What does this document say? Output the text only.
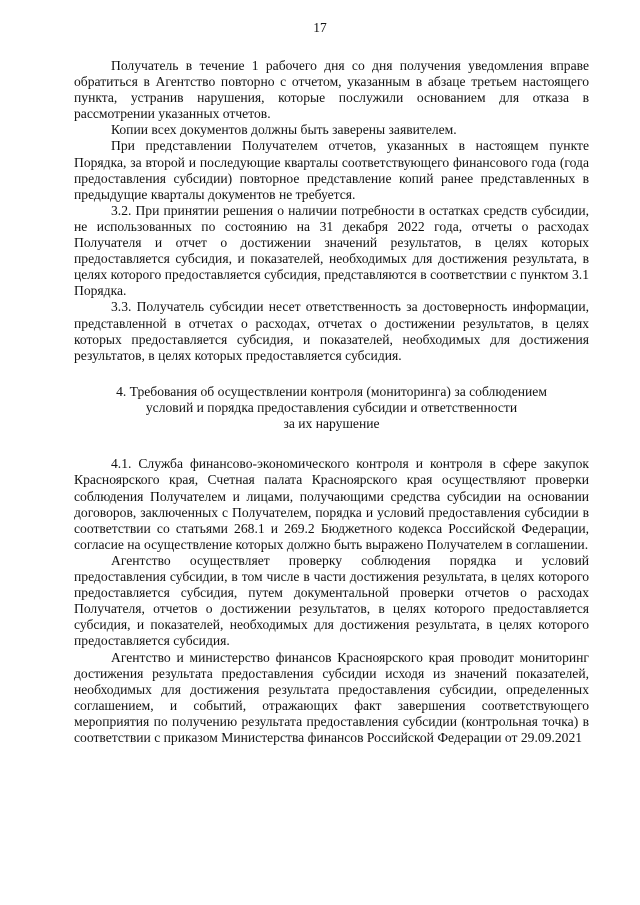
17

Получатель в течение 1 рабочего дня со дня получения уведомления вправе обратиться в Агентство повторно с отчетом, указанным в абзаце третьем настоящего пункта, устранив нарушения, которые послужили основанием для отказа в рассмотрении указанных отчетов.

Копии всех документов должны быть заверены заявителем.

При представлении Получателем отчетов, указанных в настоящем пункте Порядка, за второй и последующие кварталы соответствующего финансового года (года предоставления субсидии) повторное представление копий ранее представленных в предыдущие кварталы документов не требуется.

3.2. При принятии решения о наличии потребности в остатках средств субсидии, не использованных по состоянию на 31 декабря 2022 года, отчеты о расходах Получателя и отчет о достижении значений результатов, в целях которых предоставляется субсидия, и показателей, необходимых для достижения результата, в целях которого предоставляется субсидия, представляются в соответствии с пунктом 3.1 Порядка.

3.3. Получатель субсидии несет ответственность за достоверность информации, представленной в отчетах о расходах, отчетах о достижении результатов, в целях которых предоставляется субсидия, и показателей, необходимых для достижения результатов, в целях которых предоставляется субсидия.

4. Требования об осуществлении контроля (мониторинга) за соблюдением
условий и порядка предоставления субсидии и ответственности
за их нарушение

4.1. Служба финансово-экономического контроля и контроля в сфере закупок Красноярского края, Счетная палата Красноярского края осуществляют проверки соблюдения Получателем и лицами, получающими средства субсидии на основании договоров, заключенных с Получателем, порядка и условий предоставления субсидии в соответствии со статьями 268.1 и 269.2 Бюджетного кодекса Российской Федерации, согласие на осуществление которых должно быть выражено Получателем в соглашении.

Агентство осуществляет проверку соблюдения порядка и условий предоставления субсидии, в том числе в части достижения результата, в целях которого предоставляется субсидия, путем документальной проверки отчетов о расходах Получателя, отчетов о достижении результатов, в целях которого предоставляется субсидия, и показателей, необходимых для достижения результата, в целях которого предоставляется субсидия.

Агентство и министерство финансов Красноярского края проводит мониторинг достижения результата предоставления субсидии исходя из значений показателей, необходимых для достижения результата предоставления субсидии, определенных соглашением, и событий, отражающих факт завершения соответствующего мероприятия по получению результата предоставления субсидии (контрольная точка) в соответствии с приказом Министерства финансов Российской Федерации от 29.09.2021
